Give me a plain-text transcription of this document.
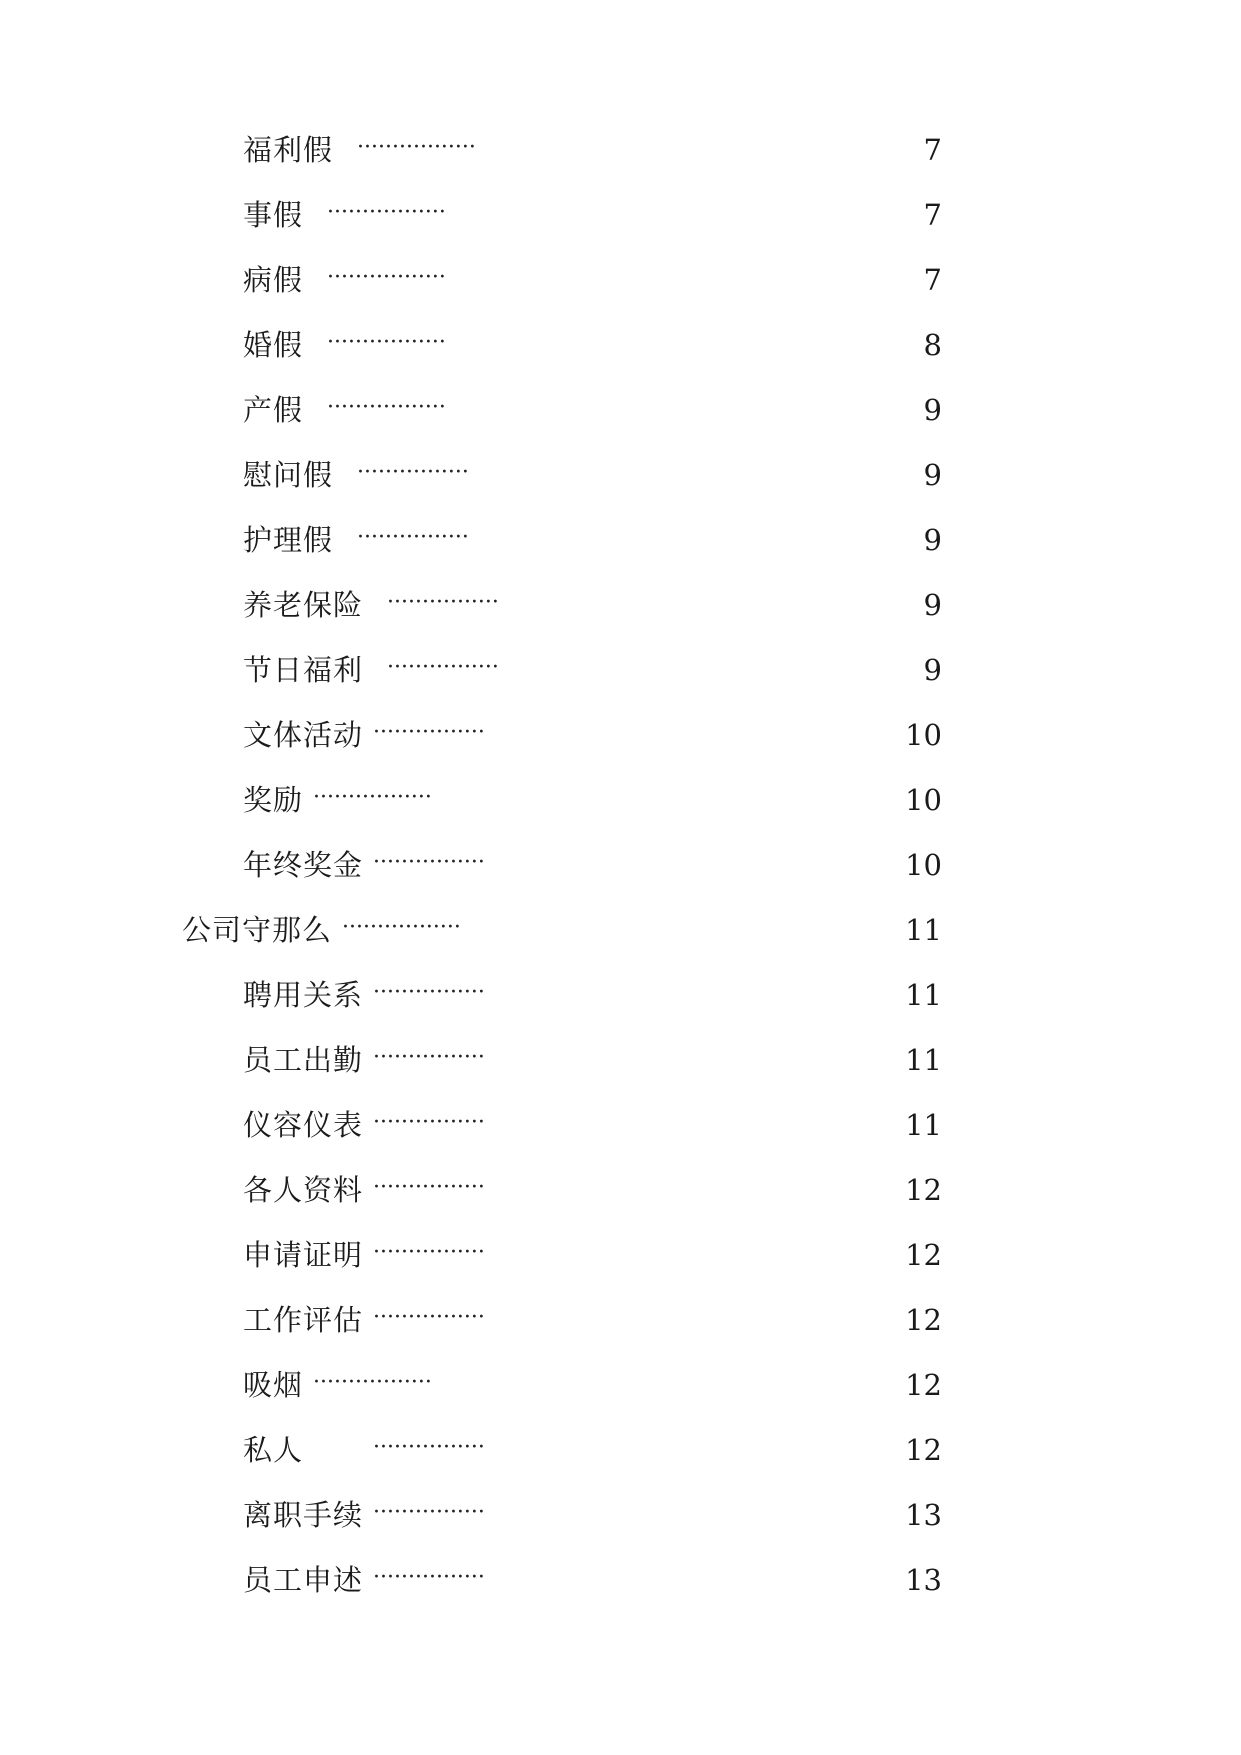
福利假 ·················	7
事假 ·················	7
病假 ·················	7
婚假 ·················	8
产假 ·················	9
慰问假 ················	9
护理假 ················	9
养老保险 ················	9
节日福利 ················	9
文体活动 ················	10
奖励 ·················	10
年终奖金 ················	10
公司守那么 ·················	11
聘用关系 ················	11
员工出勤 ················	11
仪容仪表 ················	11
各人资料 ················	12
申请证明 ················	12
工作评估 ················	12
吸烟 ·················	12
私人	················	12
离职手续 ················	13
员工申述 ················	13
